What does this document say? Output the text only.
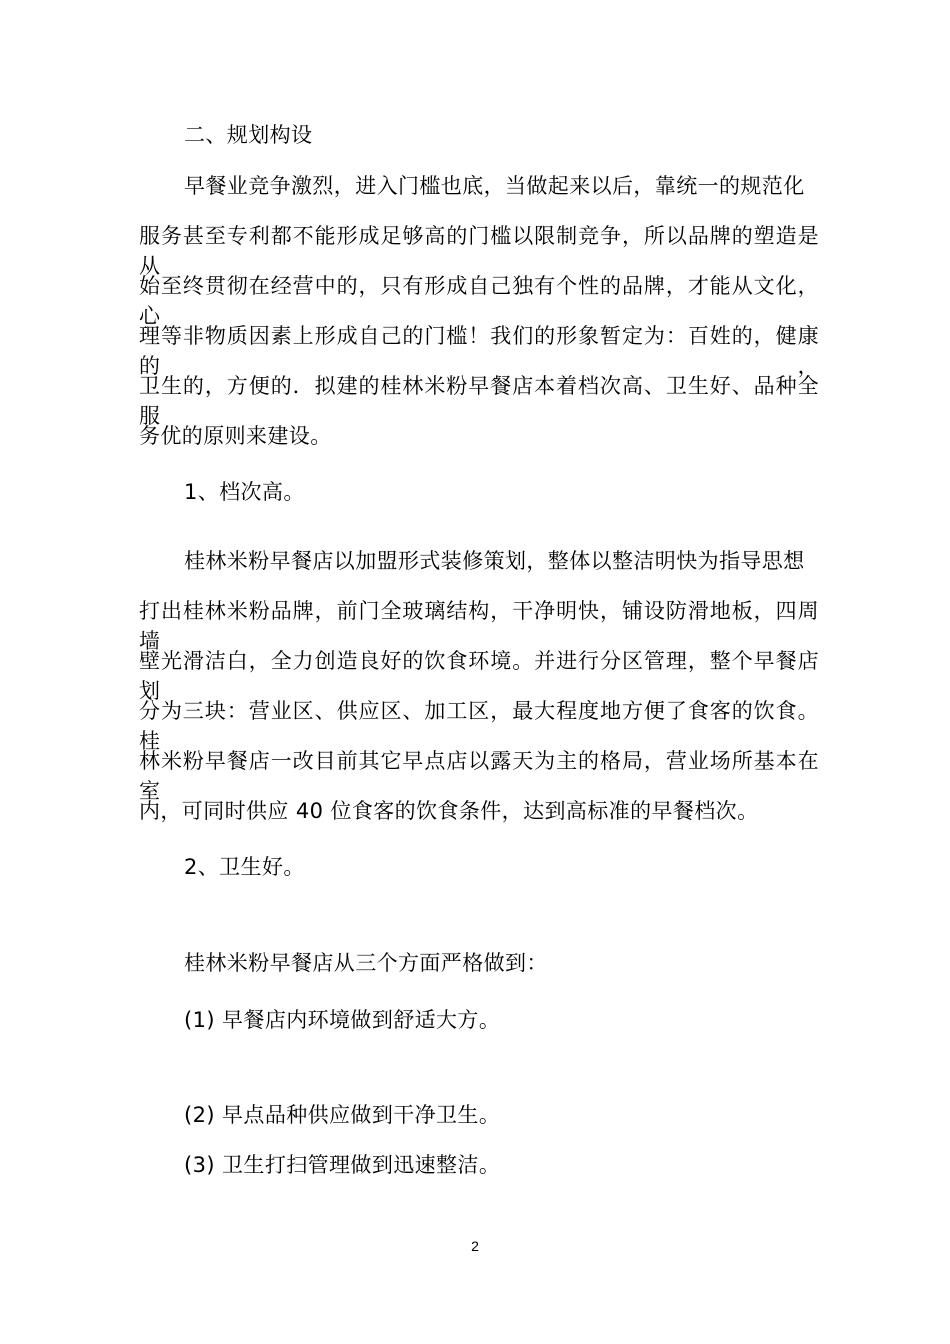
二、规划构设
早餐业竞争激烈，进入门槛也底，当做起来以后，靠统一的规范化
服务甚至专利都不能形成足够高的门槛以限制竞争，所以品牌的塑造是从
始至终贯彻在经营中的，只有形成自己独有个性的品牌，才能从文化，心
理等非物质因素上形成自己的门槛！我们的形象暂定为：百姓的，健康的，
卫生的，方便的．拟建的桂林米粉早餐店本着档次高、卫生好、品种全服
务优的原则来建设。
1、档次高。
桂林米粉早餐店以加盟形式装修策划，整体以整洁明快为指导思想
打出桂林米粉品牌，前门全玻璃结构，干净明快，铺设防滑地板，四周墙
壁光滑洁白，全力创造良好的饮食环境。并进行分区管理，整个早餐店划
分为三块：营业区、供应区、加工区，最大程度地方便了食客的饮食。桂
林米粉早餐店一改目前其它早点店以露天为主的格局，营业场所基本在室
内，可同时供应 40 位食客的饮食条件，达到高标准的早餐档次。
2、卫生好。
桂林米粉早餐店从三个方面严格做到：
(1) 早餐店内环境做到舒适大方。
(2) 早点品种供应做到干净卫生。
(3) 卫生打扫管理做到迅速整洁。
2
